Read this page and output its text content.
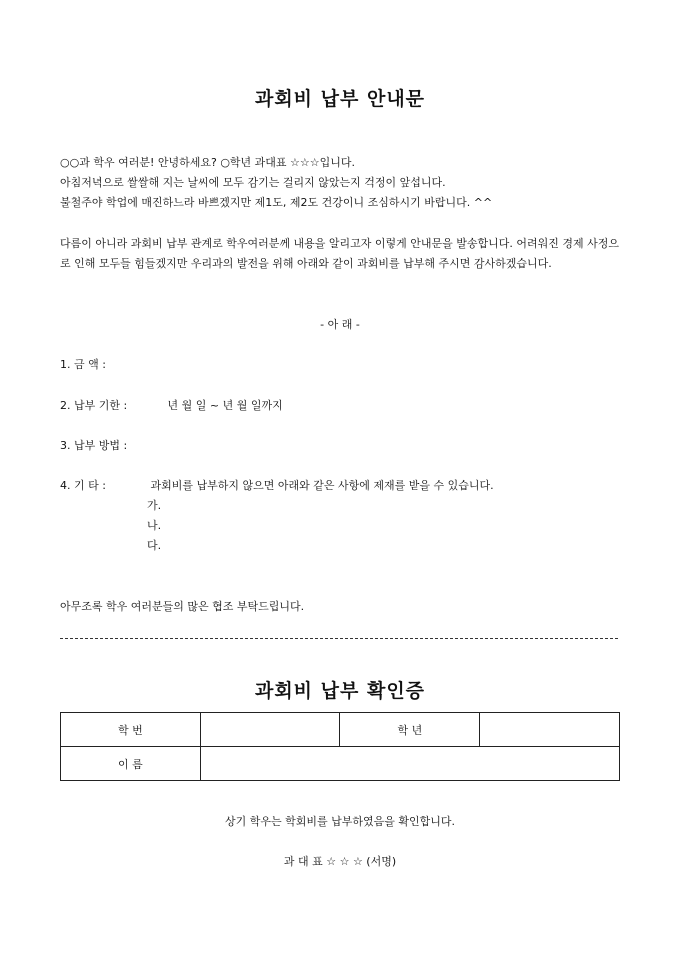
과회비 납부 안내문

○○과 학우 여러분! 안녕하세요? ○학년 과대표 ☆☆☆입니다.

아침저녁으로 쌀쌀해 지는 날씨에 모두 감기는 걸리지 않았는지 걱정이 앞섭니다.

불철주야 학업에 매진하느라 바쁘겠지만 제1도, 제2도 건강이니 조심하시기 바랍니다. ^^

다름이 아니라 과회비 납부 관계로 학우여러분께 내용을 알리고자 이렇게 안내문을 발송합니다. 어려워진 경제 사정으로 인해 모두들 힘들겠지만 우리과의 발전을 위해 아래와 같이 과회비를 납부해 주시면 감사하겠습니다.

- 아 래 -
1. 금 액 :
2. 납부 기한 :	년 월 일 ~ 년 월 일까지
3. 납부 방법 :
4. 기 타 :	과회비를 납부하지 않으면 아래와 같은 사항에 제재를 받을 수 있습니다.
가.
나.
다.
아무조록 학우 여러분들의 많은 협조 부탁드립니다.
과회비 납부 확인증
학 번		학 년	
이 름			
상기 학우는 학회비를 납부하였음을 확인합니다.
과 대 표 ☆ ☆ ☆ (서명)
